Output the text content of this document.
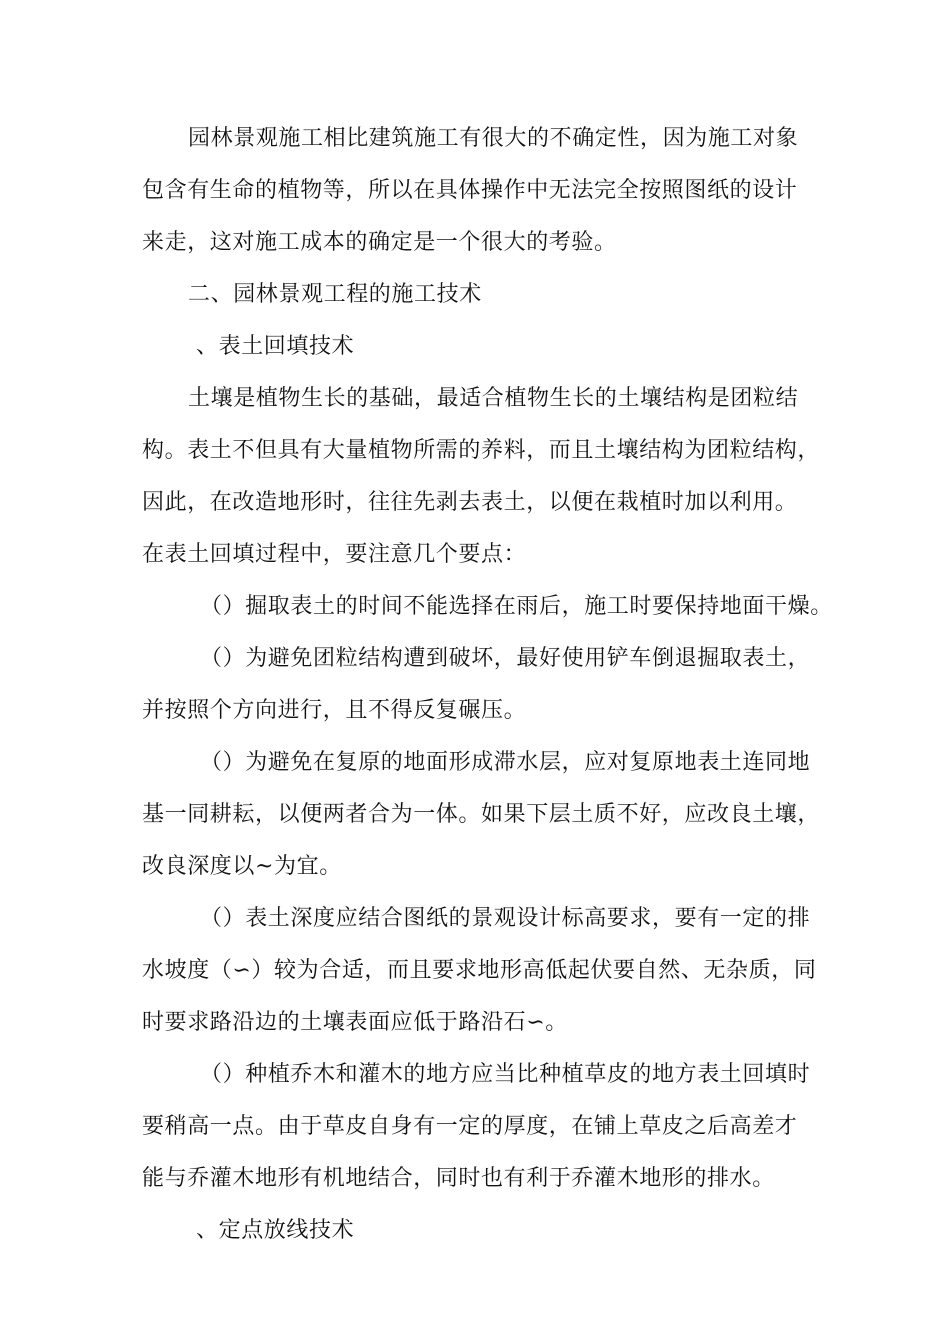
园林景观施工相比建筑施工有很大的不确定性，因为施工对象
包含有生命的植物等，所以在具体操作中无法完全按照图纸的设计
来走，这对施工成本的确定是一个很大的考验。
二、园林景观工程的施工技术
、表土回填技术
土壤是植物生长的基础，最适合植物生长的土壤结构是团粒结
构。表土不但具有大量植物所需的养料，而且土壤结构为团粒结构，
因此，在改造地形时，往往先剥去表土，以便在栽植时加以利用。
在表土回填过程中，要注意几个要点：
（）掘取表土的时间不能选择在雨后，施工时要保持地面干燥。
（）为避免团粒结构遭到破坏，最好使用铲车倒退掘取表土，
并按照个方向进行，且不得反复碾压。
（）为避免在复原的地面形成滞水层，应对复原地表土连同地
基一同耕耘，以便两者合为一体。如果下层土质不好，应改良土壤，
改良深度以~为宜。
（）表土深度应结合图纸的景观设计标高要求，要有一定的排
水坡度（∽）较为合适，而且要求地形高低起伏要自然、无杂质，同
时要求路沿边的土壤表面应低于路沿石∽。
（）种植乔木和灌木的地方应当比种植草皮的地方表土回填时
要稍高一点。由于草皮自身有一定的厚度，在铺上草皮之后高差才
能与乔灌木地形有机地结合，同时也有利于乔灌木地形的排水。
、定点放线技术
